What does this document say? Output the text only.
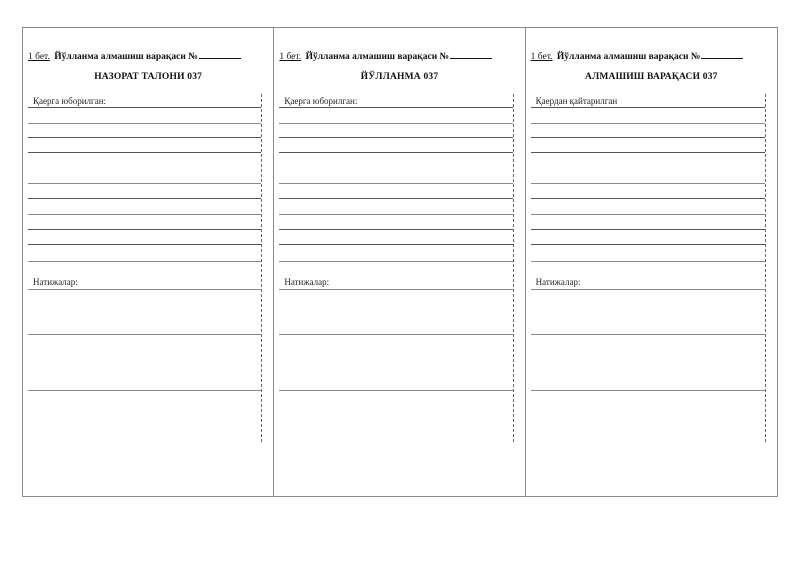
1 бет. Йўлланма алмашиш варақаси №
НАЗОРАТ ТАЛОНИ 037
Қаерга юборилган:
Натижалар:
1 бет. Йўлланма алмашиш варақаси №
ЙЎЛЛАНМА 037
Қаерга юборилган:
Натижалар:
1 бет. Йўлланма алмашиш варақаси №
АЛМАШИШ ВАРАҚАСИ 037
Қаердан қайтарилган
Натижалар:
